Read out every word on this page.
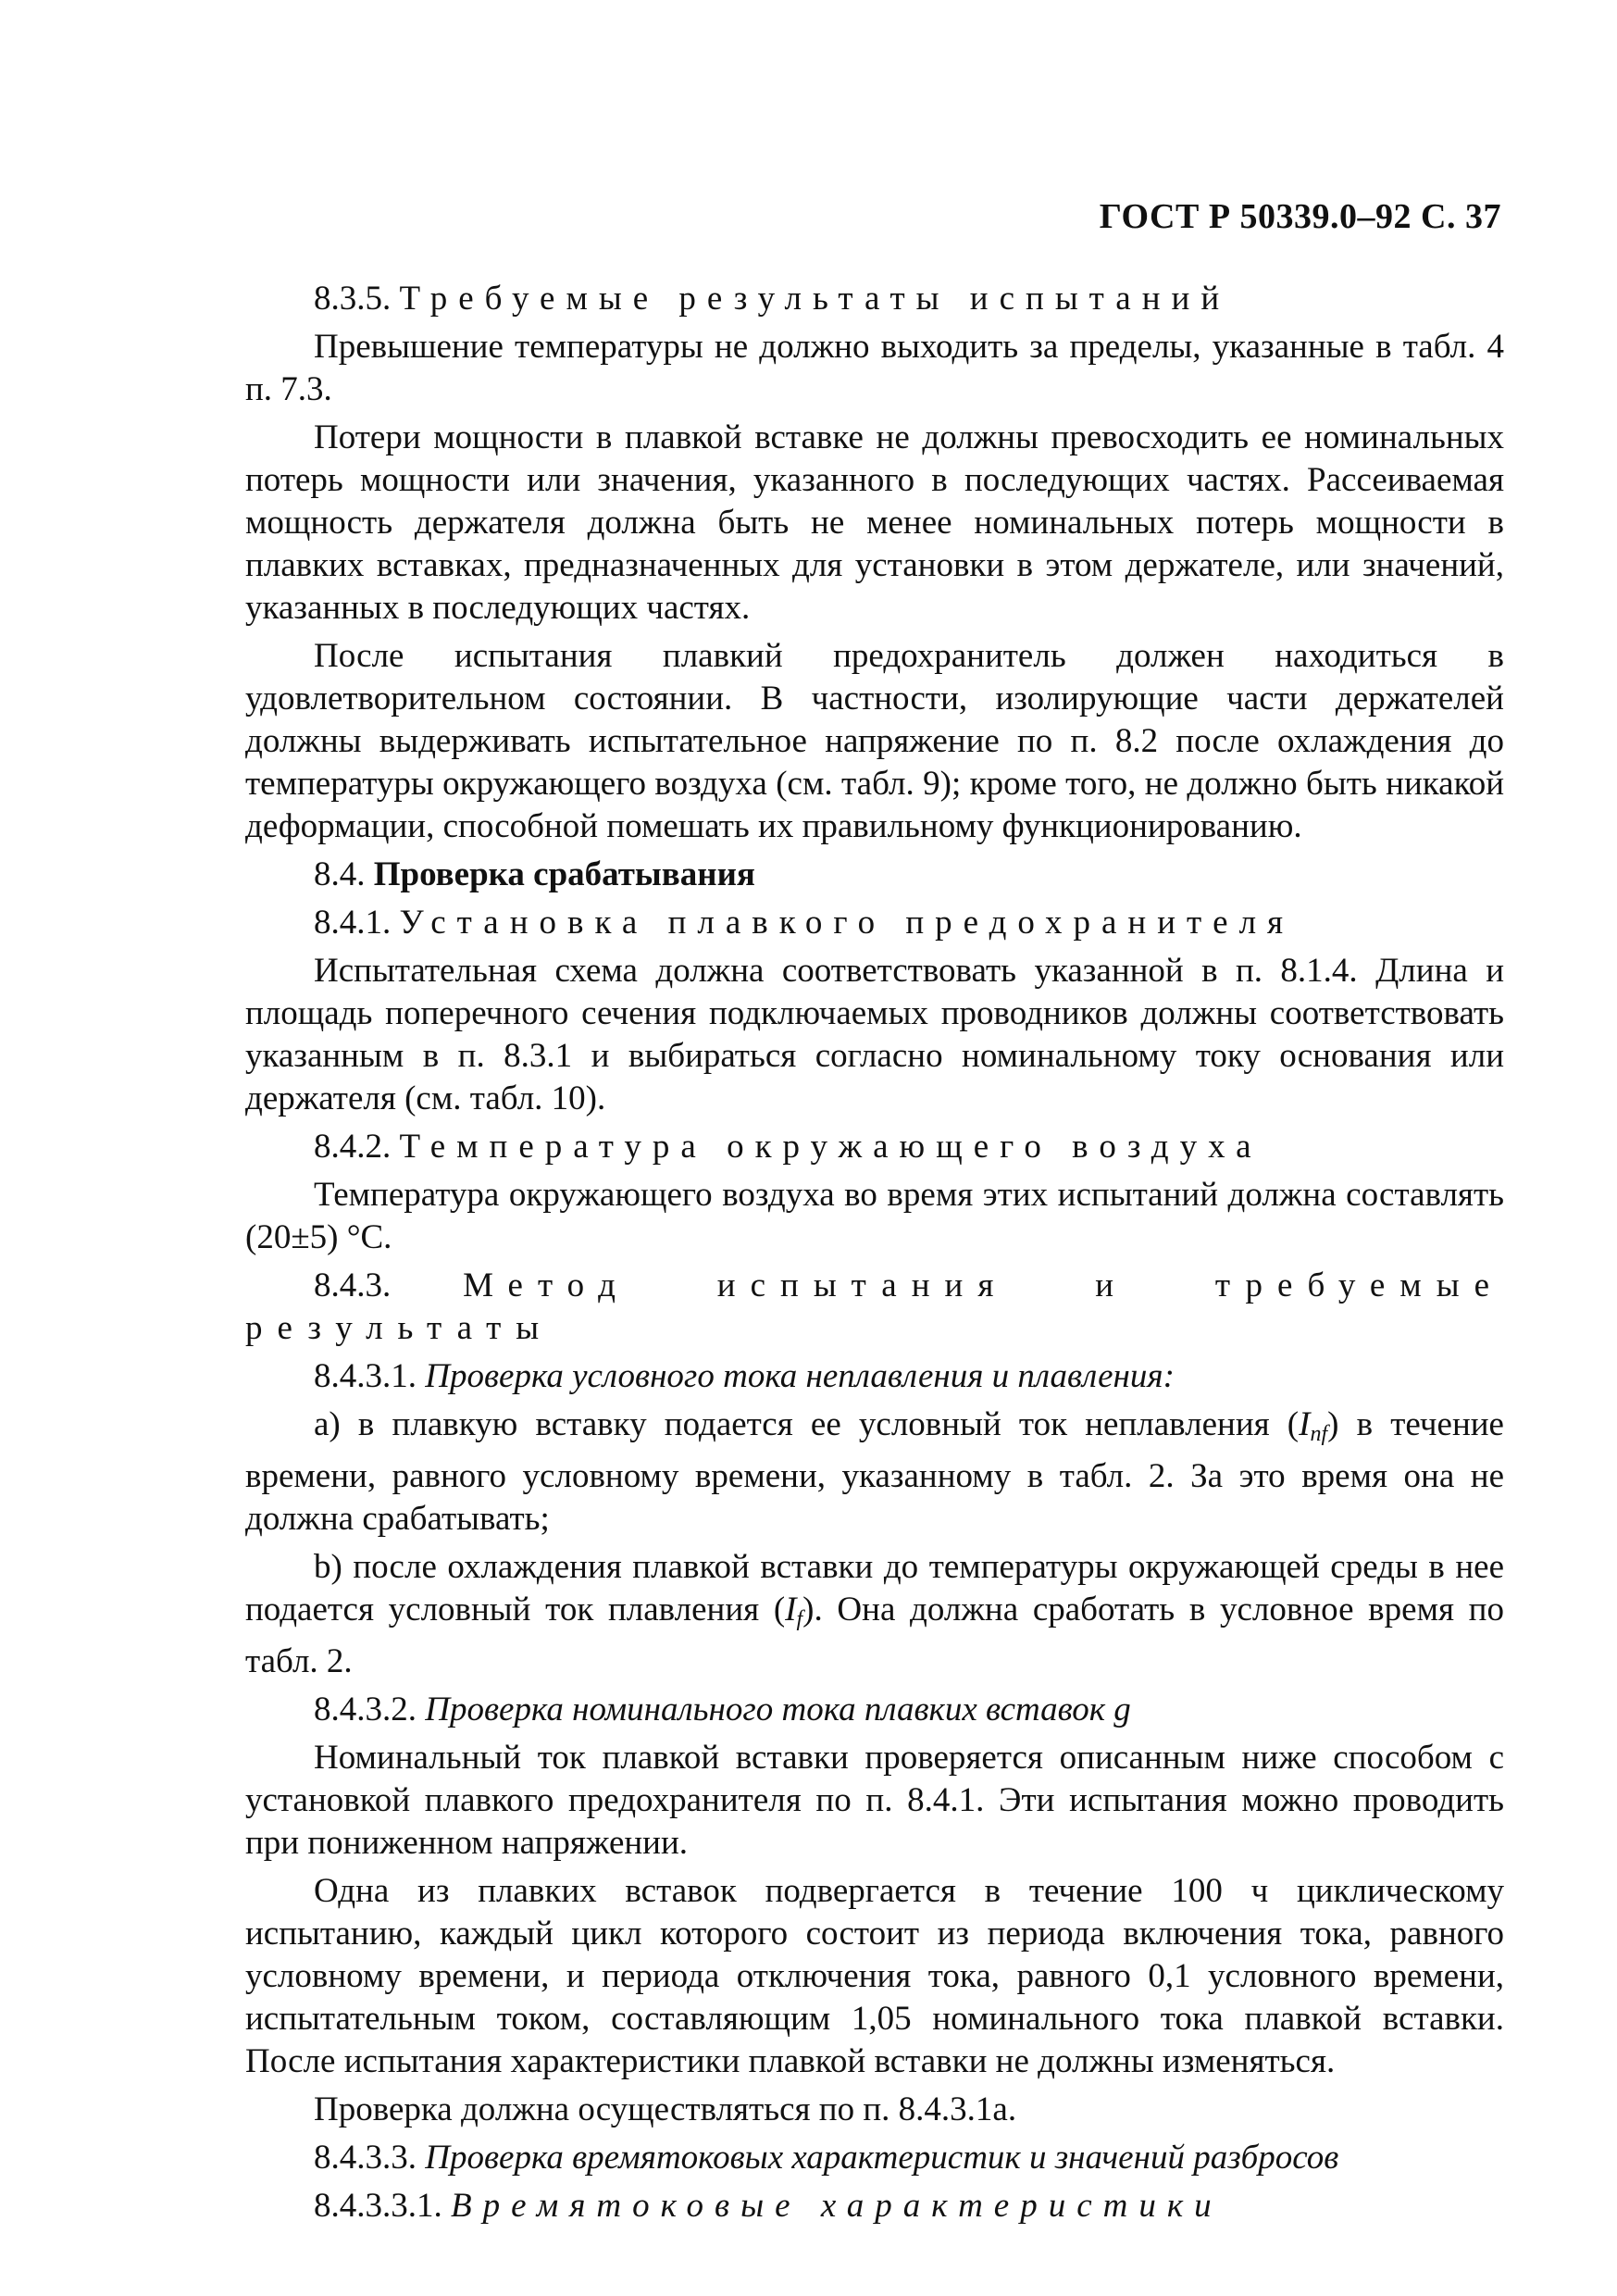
ГОСТ Р 50339.0–92 С. 37

8.3.5. Требуемые результаты испытаний

Превышение температуры не должно выходить за пределы, указанные в табл. 4 п. 7.3.

Потери мощности в плавкой вставке не должны превосходить ее номинальных потерь мощности или значения, указанного в последующих частях. Рассеиваемая мощность держателя должна быть не менее номинальных потерь мощности в плавких вставках, предназначенных для установки в этом держателе, или значений, указанных в последующих частях.

После испытания плавкий предохранитель должен находиться в удовлетворительном состоянии. В частности, изолирующие части держателей должны выдерживать испытательное напряжение по п. 8.2 после охлаждения до температуры окружающего воздуха (см. табл. 9); кроме того, не должно быть никакой деформации, способной помешать их правильному функционированию.

8.4. Проверка срабатывания

8.4.1. Установка плавкого предохранителя

Испытательная схема должна соответствовать указанной в п. 8.1.4. Длина и площадь поперечного сечения подключаемых проводников должны соответствовать указанным в п. 8.3.1 и выбираться согласно номинальному току основания или держателя (см. табл. 10).

8.4.2. Температура окружающего воздуха

Температура окружающего воздуха во время этих испытаний должна составлять (20±5) °С.

8.4.3. Метод испытания и требуемые результаты

8.4.3.1. Проверка условного тока неплавления и плавления:

a) в плавкую вставку подается ее условный ток неплавления $(I_{nf})$ в течение времени, равного условному времени, указанному в табл. 2. За это время она не должна срабатывать;

b) после охлаждения плавкой вставки до температуры окружающей среды в нее подается условный ток плавления $(I_f)$. Она должна сработать в условное время по табл. 2.

8.4.3.2. Проверка номинального тока плавких вставок g

Номинальный ток плавкой вставки проверяется описанным ниже способом с установкой плавкого предохранителя по п. 8.4.1. Эти испытания можно проводить при пониженном напряжении.

Одна из плавких вставок подвергается в течение 100 ч циклическому испытанию, каждый цикл которого состоит из периода включения тока, равного условному времени, и периода отключения тока, равного 0,1 условного времени, испытательным током, составляющим 1,05 номинального тока плавкой вставки. После испытания характеристики плавкой вставки не должны изменяться.

Проверка должна осуществляться по п. 8.4.3.1a.

8.4.3.3. Проверка времятоковых характеристик и значений разбросов

8.4.3.3.1. Времятоковые характеристики
